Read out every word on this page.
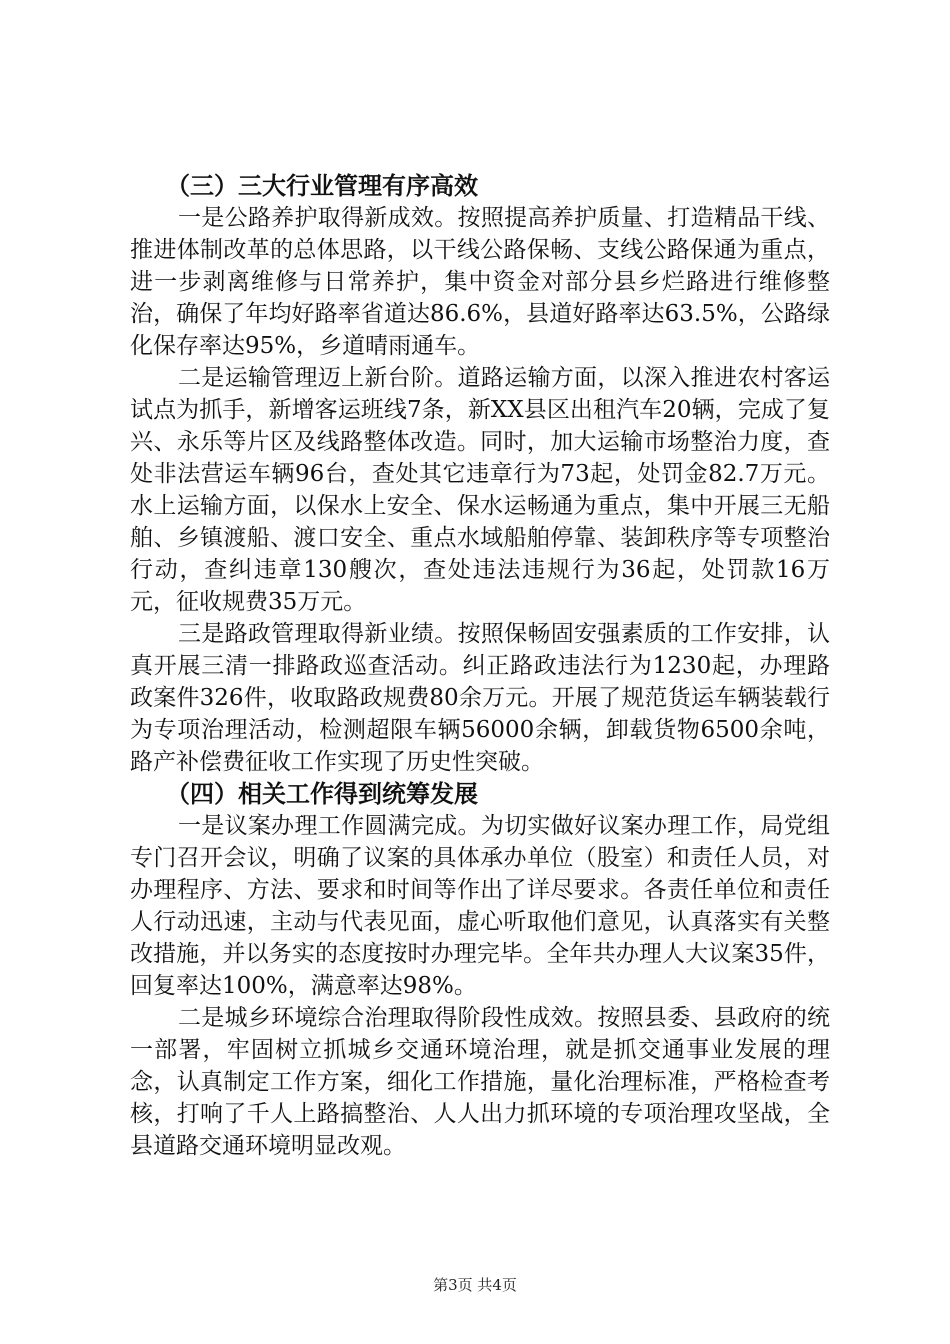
（三）三大行业管理有序高效

一是公路养护取得新成效。按照提高养护质量、打造精品干线、推进体制改革的总体思路，以干线公路保畅、支线公路保通为重点，进一步剥离维修与日常养护，集中资金对部分县乡烂路进行维修整治，确保了年均好路率省道达86.6%，县道好路率达63.5%，公路绿化保存率达95%，乡道晴雨通车。

二是运输管理迈上新台阶。道路运输方面，以深入推进农村客运试点为抓手，新增客运班线7条，新XX县区出租汽车20辆，完成了复兴、永乐等片区及线路整体改造。同时，加大运输市场整治力度，查处非法营运车辆96台，查处其它违章行为73起，处罚金82.7万元。水上运输方面，以保水上安全、保水运畅通为重点，集中开展三无船舶、乡镇渡船、渡口安全、重点水域船舶停靠、装卸秩序等专项整治行动，查纠违章130艘次，查处违法违规行为36起，处罚款16万元，征收规费35万元。

三是路政管理取得新业绩。按照保畅固安强素质的工作安排，认真开展三清一排路政巡查活动。纠正路政违法行为1230起，办理路政案件326件，收取路政规费80余万元。开展了规范货运车辆装载行为专项治理活动，检测超限车辆56000余辆，卸载货物6500余吨，路产补偿费征收工作实现了历史性突破。

（四）相关工作得到统筹发展

一是议案办理工作圆满完成。为切实做好议案办理工作，局党组专门召开会议，明确了议案的具体承办单位（股室）和责任人员，对办理程序、方法、要求和时间等作出了详尽要求。各责任单位和责任人行动迅速，主动与代表见面，虚心听取他们意见，认真落实有关整改措施，并以务实的态度按时办理完毕。全年共办理人大议案35件，回复率达100%，满意率达98%。

二是城乡环境综合治理取得阶段性成效。按照县委、县政府的统一部署，牢固树立抓城乡交通环境治理，就是抓交通事业发展的理念，认真制定工作方案，细化工作措施，量化治理标准，严格检查考核，打响了千人上路搞整治、人人出力抓环境的专项治理攻坚战，全县道路交通环境明显改观。

第3页 共4页
